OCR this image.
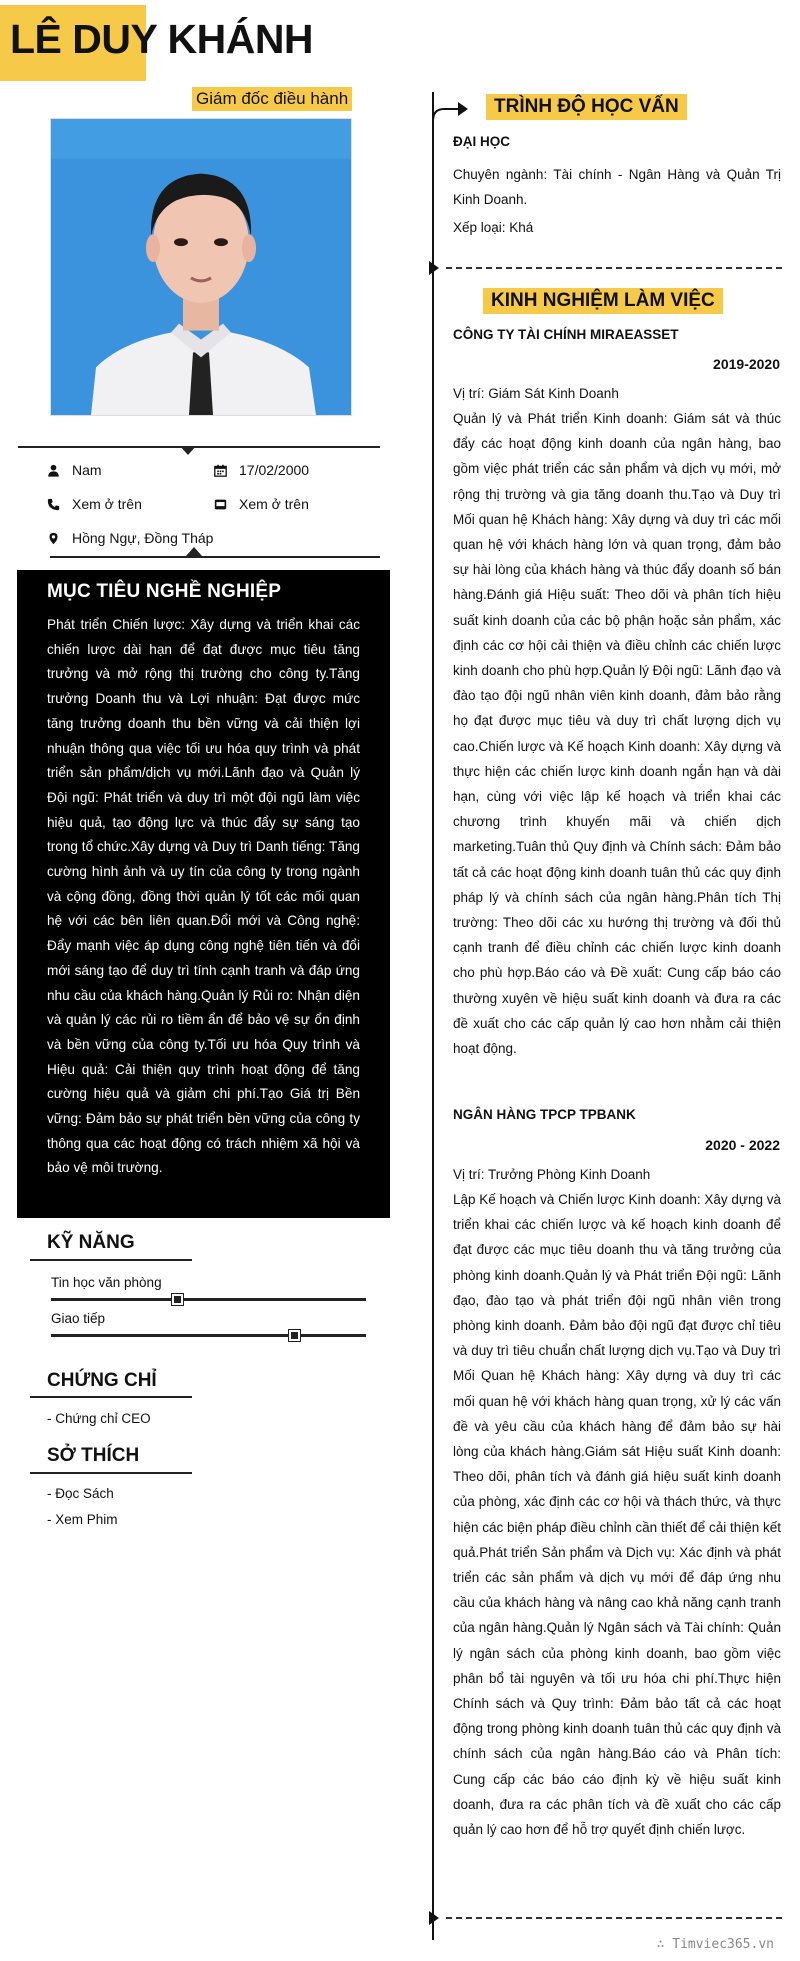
LÊ DUY KHÁNH
Giám đốc điều hành
Nam	17/02/2000
Xem ở trên	Xem ở trên
Hồng Ngự, Đồng Tháp
MỤC TIÊU NGHỀ NGHIỆP
Phát triển Chiến lược: Xây dựng và triển khai các chiến lược dài hạn để đạt được mục tiêu tăng trưởng và mở rộng thị trường cho công ty.Tăng trưởng Doanh thu và Lợi nhuận: Đạt được mức tăng trưởng doanh thu bền vững và cải thiện lợi nhuận thông qua việc tối ưu hóa quy trình và phát triển sản phẩm/dịch vụ mới.Lãnh đạo và Quản lý Đội ngũ: Phát triển và duy trì một đội ngũ làm việc hiệu quả, tạo động lực và thúc đẩy sự sáng tạo trong tổ chức.Xây dựng và Duy trì Danh tiếng: Tăng cường hình ảnh và uy tín của công ty trong ngành và cộng đồng, đồng thời quản lý tốt các mối quan hệ với các bên liên quan.Đổi mới và Công nghệ: Đẩy mạnh việc áp dụng công nghệ tiên tiến và đổi mới sáng tạo để duy trì tính cạnh tranh và đáp ứng nhu cầu của khách hàng.Quản lý Rủi ro: Nhận diện và quản lý các rủi ro tiềm ẩn để bảo vệ sự ổn định và bền vững của công ty.Tối ưu hóa Quy trình và Hiệu quả: Cải thiện quy trình hoạt động để tăng cường hiệu quả và giảm chi phí.Tạo Giá trị Bền vững: Đảm bảo sự phát triển bền vững của công ty thông qua các hoạt động có trách nhiệm xã hội và bảo vệ môi trường.
KỸ NĂNG
Tin học văn phòng
Giao tiếp
CHỨNG CHỈ
- Chứng chỉ CEO
SỞ THÍCH
- Đọc Sách
- Xem Phim
TRÌNH ĐỘ HỌC VẤN
ĐẠI HỌC
Chuyên ngành: Tài chính - Ngân Hàng và Quản Trị Kinh Doanh.
Xếp loại: Khá
KINH NGHIỆM LÀM VIỆC
CÔNG TY TÀI CHÍNH MIRAEASSET
2019-2020
Vị trí: Giám Sát Kinh Doanh
Quản lý và Phát triển Kinh doanh: Giám sát và thúc đẩy các hoạt động kinh doanh của ngân hàng, bao gồm việc phát triển các sản phẩm và dịch vụ mới, mở rộng thị trường và gia tăng doanh thu.Tạo và Duy trì Mối quan hệ Khách hàng: Xây dựng và duy trì các mối quan hệ với khách hàng lớn và quan trọng, đảm bảo sự hài lòng của khách hàng và thúc đẩy doanh số bán hàng.Đánh giá Hiệu suất: Theo dõi và phân tích hiệu suất kinh doanh của các bộ phận hoặc sản phẩm, xác định các cơ hội cải thiện và điều chỉnh các chiến lược kinh doanh cho phù hợp.Quản lý Đội ngũ: Lãnh đạo và đào tạo đội ngũ nhân viên kinh doanh, đảm bảo rằng họ đạt được mục tiêu và duy trì chất lượng dịch vụ cao.Chiến lược và Kế hoạch Kinh doanh: Xây dựng và thực hiện các chiến lược kinh doanh ngắn hạn và dài hạn, cùng với việc lập kế hoạch và triển khai các chương trình khuyến mãi và chiến dịch marketing.Tuân thủ Quy định và Chính sách: Đảm bảo tất cả các hoạt động kinh doanh tuân thủ các quy định pháp lý và chính sách của ngân hàng.Phân tích Thị trường: Theo dõi các xu hướng thị trường và đối thủ cạnh tranh để điều chỉnh các chiến lược kinh doanh cho phù hợp.Báo cáo và Đề xuất: Cung cấp báo cáo thường xuyên về hiệu suất kinh doanh và đưa ra các đề xuất cho các cấp quản lý cao hơn nhằm cải thiện hoạt động.
NGÂN HÀNG TPCP TPBANK
2020 - 2022
Vị trí: Trưởng Phòng Kinh Doanh
Lập Kế hoạch và Chiến lược Kinh doanh: Xây dựng và triển khai các chiến lược và kế hoạch kinh doanh để đạt được các mục tiêu doanh thu và tăng trưởng của phòng kinh doanh.Quản lý và Phát triển Đội ngũ: Lãnh đạo, đào tạo và phát triển đội ngũ nhân viên trong phòng kinh doanh. Đảm bảo đội ngũ đạt được chỉ tiêu và duy trì tiêu chuẩn chất lượng dịch vụ.Tạo và Duy trì Mối Quan hệ Khách hàng: Xây dựng và duy trì các mối quan hệ với khách hàng quan trọng, xử lý các vấn đề và yêu cầu của khách hàng để đảm bảo sự hài lòng của khách hàng.Giám sát Hiệu suất Kinh doanh: Theo dõi, phân tích và đánh giá hiệu suất kinh doanh của phòng, xác định các cơ hội và thách thức, và thực hiện các biện pháp điều chỉnh cần thiết để cải thiện kết quả.Phát triển Sản phẩm và Dịch vụ: Xác định và phát triển các sản phẩm và dịch vụ mới để đáp ứng nhu cầu của khách hàng và nâng cao khả năng cạnh tranh của ngân hàng.Quản lý Ngân sách và Tài chính: Quản lý ngân sách của phòng kinh doanh, bao gồm việc phân bổ tài nguyên và tối ưu hóa chi phí.Thực hiện Chính sách và Quy trình: Đảm bảo tất cả các hoạt động trong phòng kinh doanh tuân thủ các quy định và chính sách của ngân hàng.Báo cáo và Phân tích: Cung cấp các báo cáo định kỳ về hiệu suất kinh doanh, đưa ra các phân tích và đề xuất cho các cấp quản lý cao hơn để hỗ trợ quyết định chiến lược.
∴ Timviec365.vn
